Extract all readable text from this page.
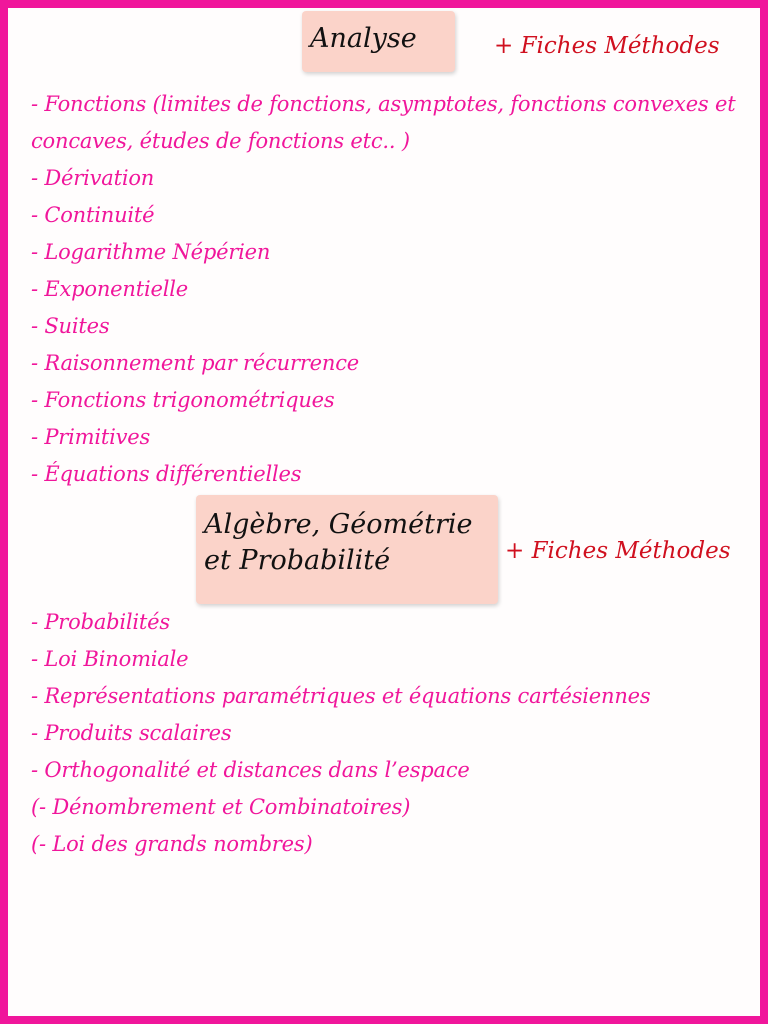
Analyse	+ Fiches Méthodes
- Fonctions (limites de fonctions, asymptotes, fonctions convexes et concaves, études de fonctions etc.. )
- Dérivation
- Continuité
- Logarithme Népérien
- Exponentielle
- Suites
- Raisonnement par récurrence
- Fonctions trigonométriques
- Primitives
- Équations différentielles
Algèbre, Géométrie
et Probabilité	+ Fiches Méthodes
- Probabilités
- Loi Binomiale
- Représentations paramétriques et équations cartésiennes
- Produits scalaires
- Orthogonalité et distances dans l’espace
(- Dénombrement et Combinatoires)
(- Loi des grands nombres)
